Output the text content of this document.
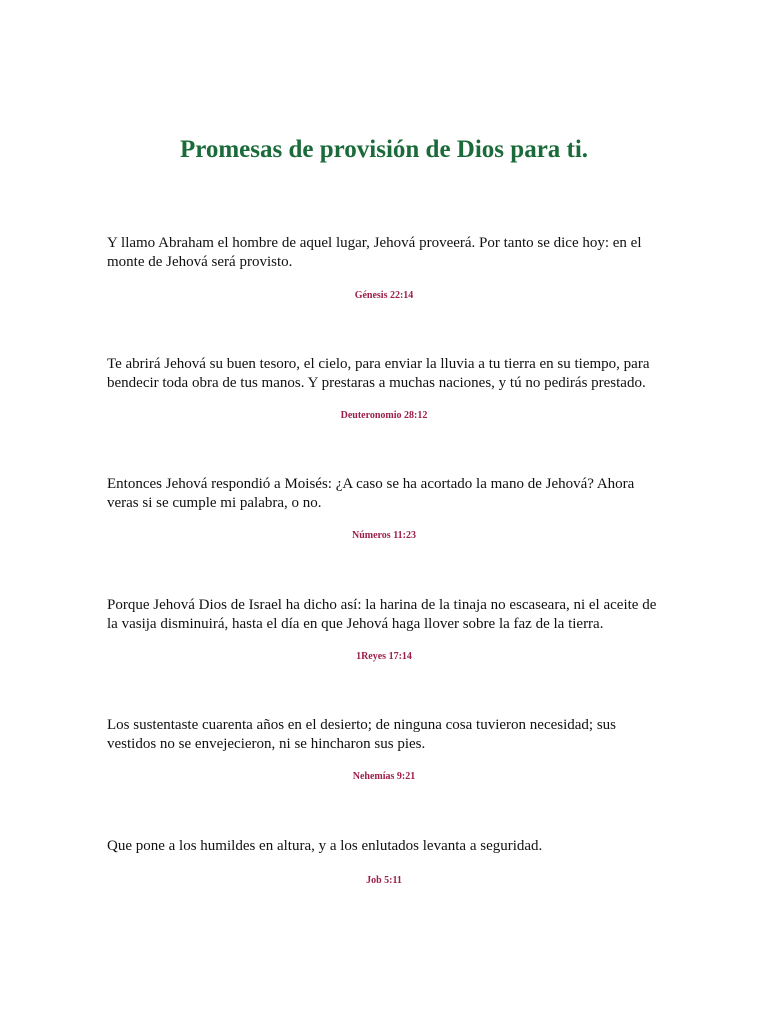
Promesas de provisión de Dios para ti.
Y llamo Abraham el hombre de aquel lugar, Jehová proveerá. Por tanto se dice hoy: en el monte de Jehová será provisto.
Génesis 22:14
Te abrirá Jehová su buen tesoro, el cielo, para enviar la lluvia a tu tierra en su tiempo, para bendecir toda obra de tus manos. Y prestaras a muchas naciones, y tú no pedirás prestado.
Deuteronomio 28:12
Entonces Jehová respondió a Moisés: ¿A caso se ha acortado la mano de Jehová? Ahora veras si se cumple mi palabra, o no.
Números 11:23
Porque Jehová Dios de Israel ha dicho así: la harina de la tinaja no escaseara, ni el aceite de la vasija disminuirá, hasta el día en que Jehová haga llover sobre la faz de la tierra.
1Reyes 17:14
Los sustentaste cuarenta años en el desierto; de ninguna cosa tuvieron necesidad; sus vestidos no se envejecieron, ni se hincharon sus pies.
Nehemías 9:21
Que pone a los humildes en altura, y a los enlutados levanta a seguridad.
Job 5:11
